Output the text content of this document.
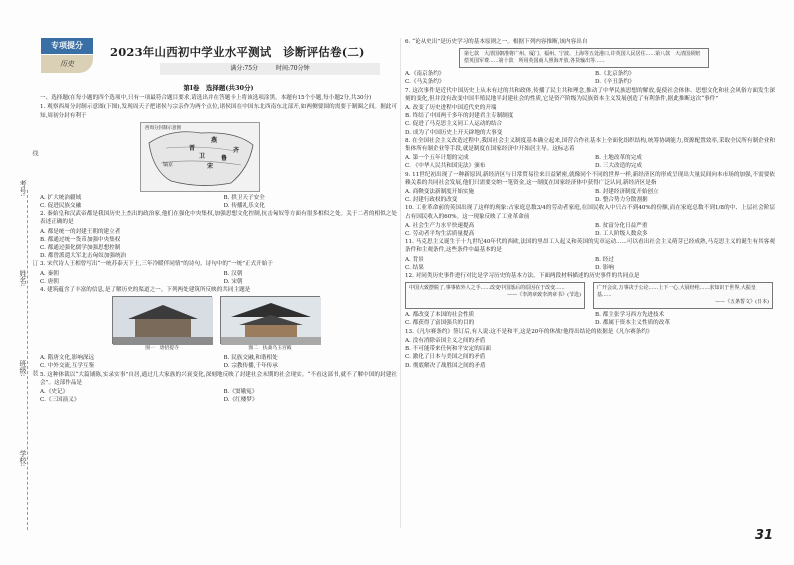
考号:
姓名:
班级:
学校:
线
订
装
专项提分
历史
2023年山西初中学业水平测试　诊断评估卷(二)
满分:75分	时间:70分钟
第Ⅰ卷　选择题(共30分)
一、选择题(在每小题的四个选项中,只有一项最符合题目要求,请选出并在答题卡上将该选项涂黑。本题有15个小题,每小题2分,共30分)
1. 观察西周分封制示意图(下图),发现周天子把诸侯与宗亲作为两个点位,诸侯国在中国东北西南东北部开,如两侧要围的需要于制圈之间。据此可知,周初分封有利于
西周分封制示意图
燕
晋
宋
鲁
齐
卫
镐京
A. 扩大统治疆域	B. 拱卫天子安全
C. 促进民族交融	D. 传播礼乐文化
2. 秦始皇和汉武帝都是我国历史上杰出的政治家,他们在强化中央集权,加强思想文化控制,抗击匈奴等方面有很多相似之处。关于二者的相似之处表述正确的是
A. 都是统一的封建王朝的建立者
B. 都通过统一货币加强中央集权
C. 都通过强化儒学加强思想控制
D. 都曾派遣大军北击匈奴加强统治
3. 宋代诗人王相曾写出“一统苏泰天下土,三年冷暖伴同情”的诗句。诗句中的“一统”正式开始于
A. 秦朝	B. 汉朝
C. 唐朝	D. 宋朝
4. 建筑蕴含了丰富的信息,是了解历史的渠道之一。下列两处建筑所反映的共同主题是
图一　唐招提寺	图二　扶桑乌玉宫殿
A. 隋唐文化,影响深远	B. 民族交融,和谐相处
C. 中外交流,互学互鉴	D. 宗教传播,千年传承
5. 这种体裁以“大篇铺陈,实录实事”自居,通过几大家族的兴衰变化,深刻地反映了封建社会末期的社会现实。“不看这部书,就不了解中国的封建社会”。这部作品是
A.《史记》	B.《窦娥冤》
C.《三国演义》	D.《红楼梦》
6. “论从史出”是历史学习的基本原则之一。根据下列内容推断,该内容出自
第七款　大清国朝准将广州、厦门、福州、宁波、上海等五处港口,许英国人民居住......第八款　大清国须赔偿英国军费......第十款　所用英国商人照海开放,各货输出等......
A.《南京条约》	B.《北京条约》
C.《马关条约》	D.《辛丑条约》
7. 这次事件是近代中国历史上从未有过的共和政体,传播了民主共和理念,推动了中华民族思想的解放,促使社会体体、思想文化和社会风俗方面发生深刻的变化,但并没有改变中国半殖民地半封建社会的性质,它是资产阶级为民族资本主义发展创造了有利条件,据此推断这次“事件”
A. 改变了历史进程中国近代史的开端
B. 终结了中国两千多年的封建君主专制制度
C. 促进了马克思主义同工人运动的结合
D. 成为了中国历史上开天辟地的大事变
8. 在全国社会主义改造过程中,我国社会主义制度基本确立起来,国营合作社基本上全面化组织结构,统筹协调能力,资源配置效率,采取全民所有制企业和集体所有制企业等手段,就是制度在国家经济中开始居主导。这标志着
A. 第一个五年计划的完成	B. 土地改革的完成
C. 《中华人民共和国宪法》颁布	D. 三大改造的完成
9. 11世纪初出现了一种新原因,新经济区与日常贸易往来日益紧密,就像同个不同的世界一样,新经济区的形成呈现出大量民间向本市场的加强,不需要依赖关系的共同社会发展,他们只需要交纳一笔资金,这一制度在国家经济体中获得广泛认同,新经济区是指
A. 商鞅变法新制度开始实施	B. 封建经济制度开始创立
C. 封建行政权的改变	D. 整合势力分散割据
10. 工业革命前的英国出现了这样的现象:占家庭总数3/4的劳动者家庭,在国民收入中只占不到40%的份额,而在家庭总数不到1/8的中、上层社会阶层占有国民收入的60%。这一现象反映了工业革命前
A. 社会生产力水平快速提高	B. 贫富分化日益严重
C. 劳动者平均生活质量提高	D. 工人阶级人数众多
11. 马克思主义诞生于十九世纪40年代的西欧,法国的里昂工人起义和英国的宪章运动......可以看出社会主义萌芽已经成熟,马克思主义的诞生有其客观条件和主观条件,这些条件中最基本的是
A. 背景	B. 经过
C. 结果	D. 影响
12. 对同类历史事件进行对比是学习历史的基本方法。下面两段材料描述的历史事件的共同点是
中国大致摆脱了,事事依外人之手......改变中国落后的原因在于改变......
——《李鸿章致李鸿章书》(节选)
广开会议,万事决于公论......上下一心,大展经纶......求知识于世界,大振皇基......
——《五条誓文》(日本)
A. 都改变了本国的社会性质	B. 都主张学习西方先进技术
C. 都获得了富国强兵的目的	D. 都属于资本主义性质的改革
13.《凡尔赛条约》签订后,有人说:这不是和平,这是20年的休战!他得出结论的依据是《凡尔赛条约》
A. 没有消除帝国主义之间的矛盾
B. 不可能带来任何和平安定的局面
C. 激化了日本与美国之间的矛盾
D. 彻底解决了战胜国之间的矛盾
31
